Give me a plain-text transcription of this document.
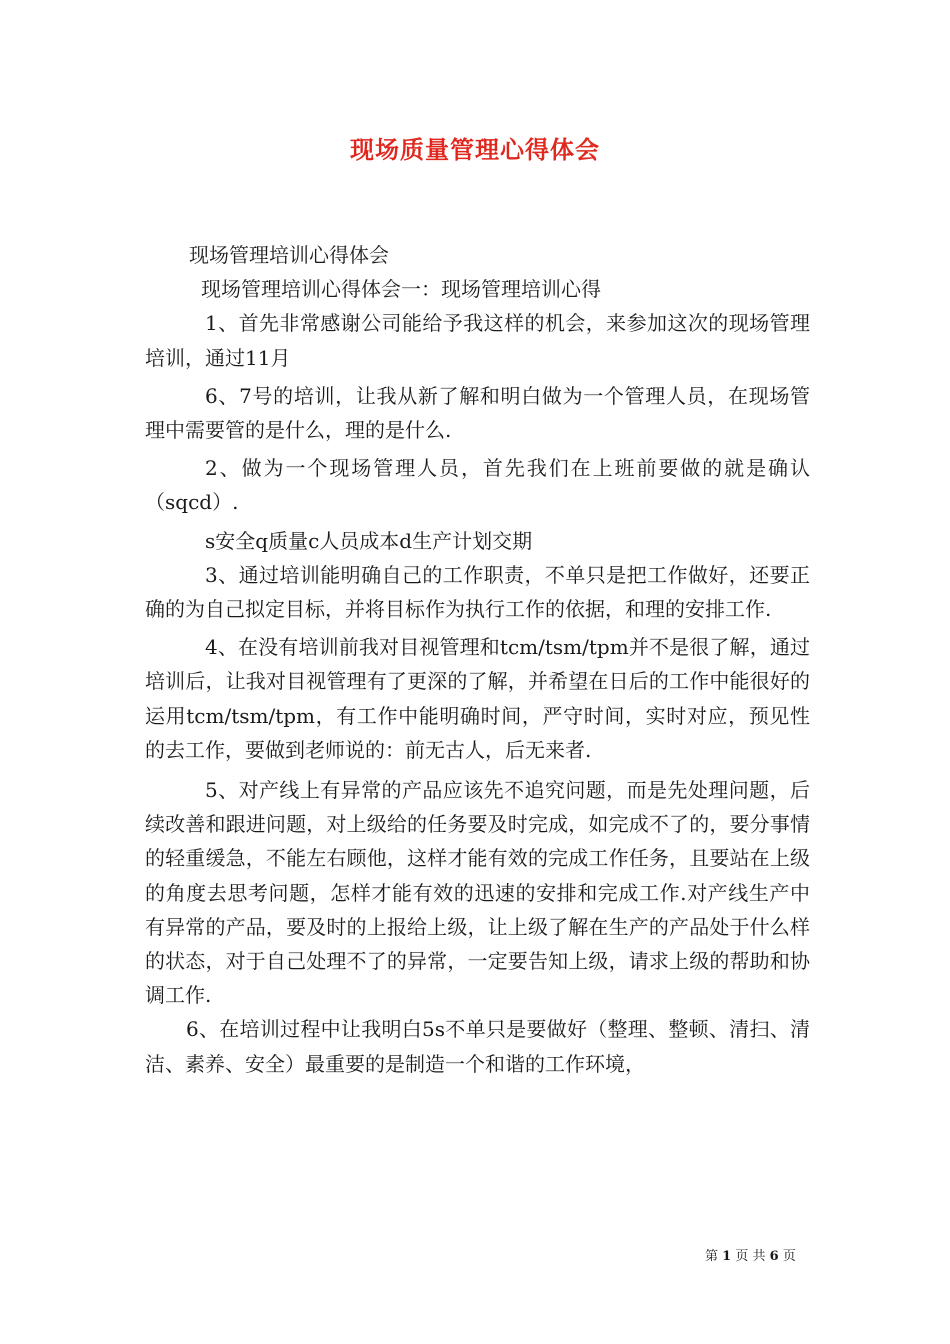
现场质量管理心得体会

现场管理培训心得体会

现场管理培训心得体会一：现场管理培训心得

1、首先非常感谢公司能给予我这样的机会，来参加这次的现场管理培训，通过11月

6、7号的培训，让我从新了解和明白做为一个管理人员，在现场管理中需要管的是什么，理的是什么.

2、做为一个现场管理人员，首先我们在上班前要做的就是确认（sqcd）.

s安全q质量c人员成本d生产计划交期

3、通过培训能明确自己的工作职责，不单只是把工作做好，还要正确的为自己拟定目标，并将目标作为执行工作的依据，和理的安排工作.

4、在没有培训前我对目视管理和tcm/tsm/tpm并不是很了解，通过培训后，让我对目视管理有了更深的了解，并希望在日后的工作中能很好的运用tcm/tsm/tpm，有工作中能明确时间，严守时间，实时对应，预见性的去工作，要做到老师说的：前无古人，后无来者.

5、对产线上有异常的产品应该先不追究问题，而是先处理问题，后续改善和跟进问题，对上级给的任务要及时完成，如完成不了的，要分事情的轻重缓急，不能左右顾他，这样才能有效的完成工作任务，且要站在上级的角度去思考问题，怎样才能有效的迅速的安排和完成工作.对产线生产中有异常的产品，要及时的上报给上级，让上级了解在生产的产品处于什么样的状态，对于自己处理不了的异常，一定要告知上级，请求上级的帮助和协调工作.

6、在培训过程中让我明白5s不单只是要做好（整理、整顿、清扫、清洁、素养、安全）最重要的是制造一个和谐的工作环境，

第 1 页 共 6 页
